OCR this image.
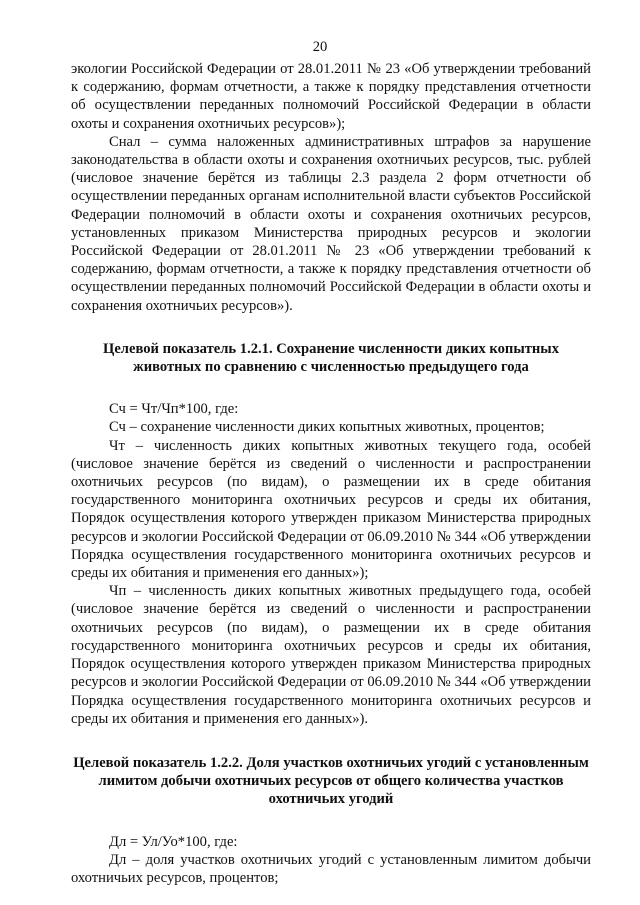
20

экологии Российской Федерации от 28.01.2011 № 23 «Об утверждении требований к содержанию, формам отчетности, а также к порядку представления отчетности об осуществлении переданных полномочий Российской Федерации в области охоты и сохранения охотничьих ресурсов»);

Снал – сумма наложенных административных штрафов за нарушение законодательства в области охоты и сохранения охотничьих ресурсов, тыс. рублей (числовое значение берётся из таблицы 2.3 раздела 2 форм отчетности об осуществлении переданных органам исполнительной власти субъектов Российской Федерации полномочий в области охоты и сохранения охотничьих ресурсов, установленных приказом Министерства природных ресурсов и экологии Российской Федерации от 28.01.2011 № 23 «Об утверждении требований к содержанию, формам отчетности, а также к порядку представления отчетности об осуществлении переданных полномочий Российской Федерации в области охоты и сохранения охотничьих ресурсов»).

Целевой показатель 1.2.1. Сохранение численности диких копытных животных по сравнению с численностью предыдущего года

Сч = Чт/Чп*100, где:

Сч – сохранение численности диких копытных животных, процентов;

Чт – численность диких копытных животных текущего года, особей (числовое значение берётся из сведений о численности и распространении охотничьих ресурсов (по видам), о размещении их в среде обитания государственного мониторинга охотничьих ресурсов и среды их обитания, Порядок осуществления которого утвержден приказом Министерства природных ресурсов и экологии Российской Федерации от 06.09.2010 № 344 «Об утверждении Порядка осуществления государственного мониторинга охотничьих ресурсов и среды их обитания и применения его данных»);

Чп – численность диких копытных животных предыдущего года, особей (числовое значение берётся из сведений о численности и распространении охотничьих ресурсов (по видам), о размещении их в среде обитания государственного мониторинга охотничьих ресурсов и среды их обитания, Порядок осуществления которого утвержден приказом Министерства природных ресурсов и экологии Российской Федерации от 06.09.2010 № 344 «Об утверждении Порядка осуществления государственного мониторинга охотничьих ресурсов и среды их обитания и применения его данных»).

Целевой показатель 1.2.2. Доля участков охотничьих угодий с установленным лимитом добычи охотничьих ресурсов от общего количества участков охотничьих угодий

Дл = Ул/Уо*100, где:

Дл – доля участков охотничьих угодий с установленным лимитом добычи охотничьих ресурсов, процентов;
